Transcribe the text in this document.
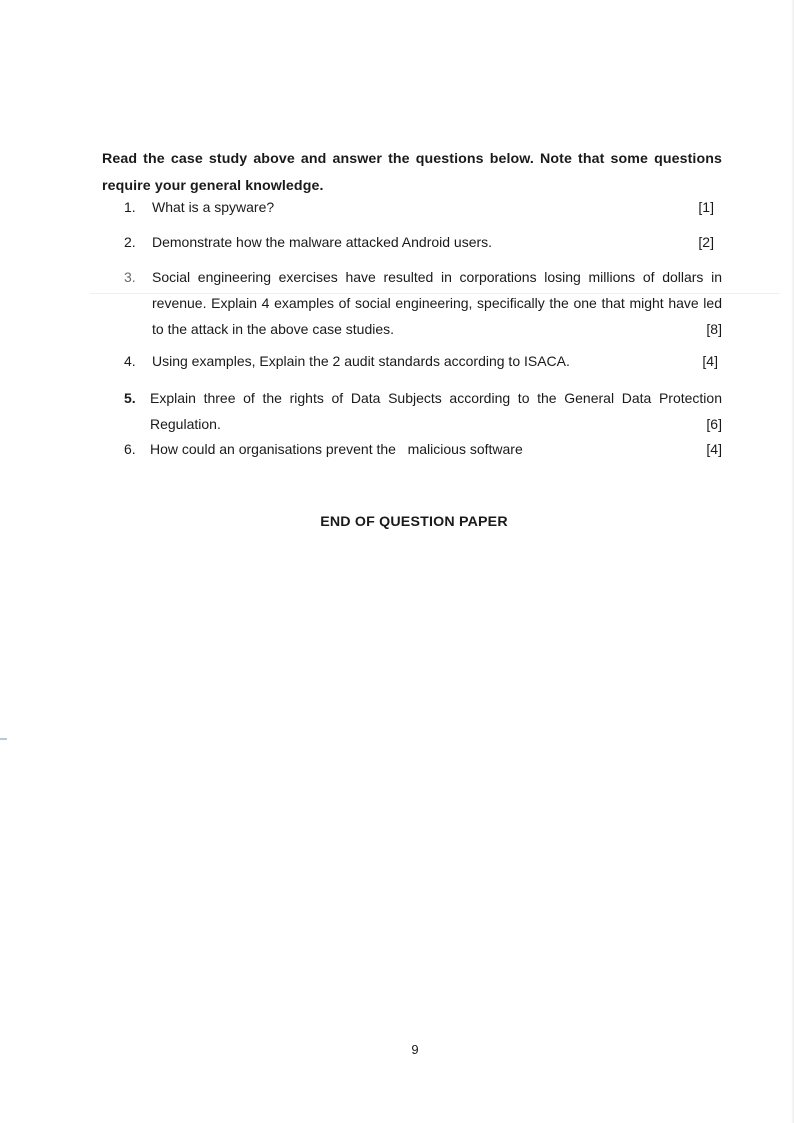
Read the case study above and answer the questions below. Note that some questions require your general knowledge.

1.	What is a spyware?	[1]
2.	Demonstrate how the malware attacked Android users.	[2]
3.	Social engineering exercises have resulted in corporations losing millions of dollars in revenue. Explain 4 examples of social engineering, specifically the one that might have led to the attack in the above case studies.	[8]
4.	Using examples, Explain the 2 audit standards according to ISACA.	[4]
5.	Explain three of the rights of Data Subjects according to the General Data Protection Regulation.	[6]
6.	How could an organisations prevent the   malicious software	[4]
END OF QUESTION PAPER
9
